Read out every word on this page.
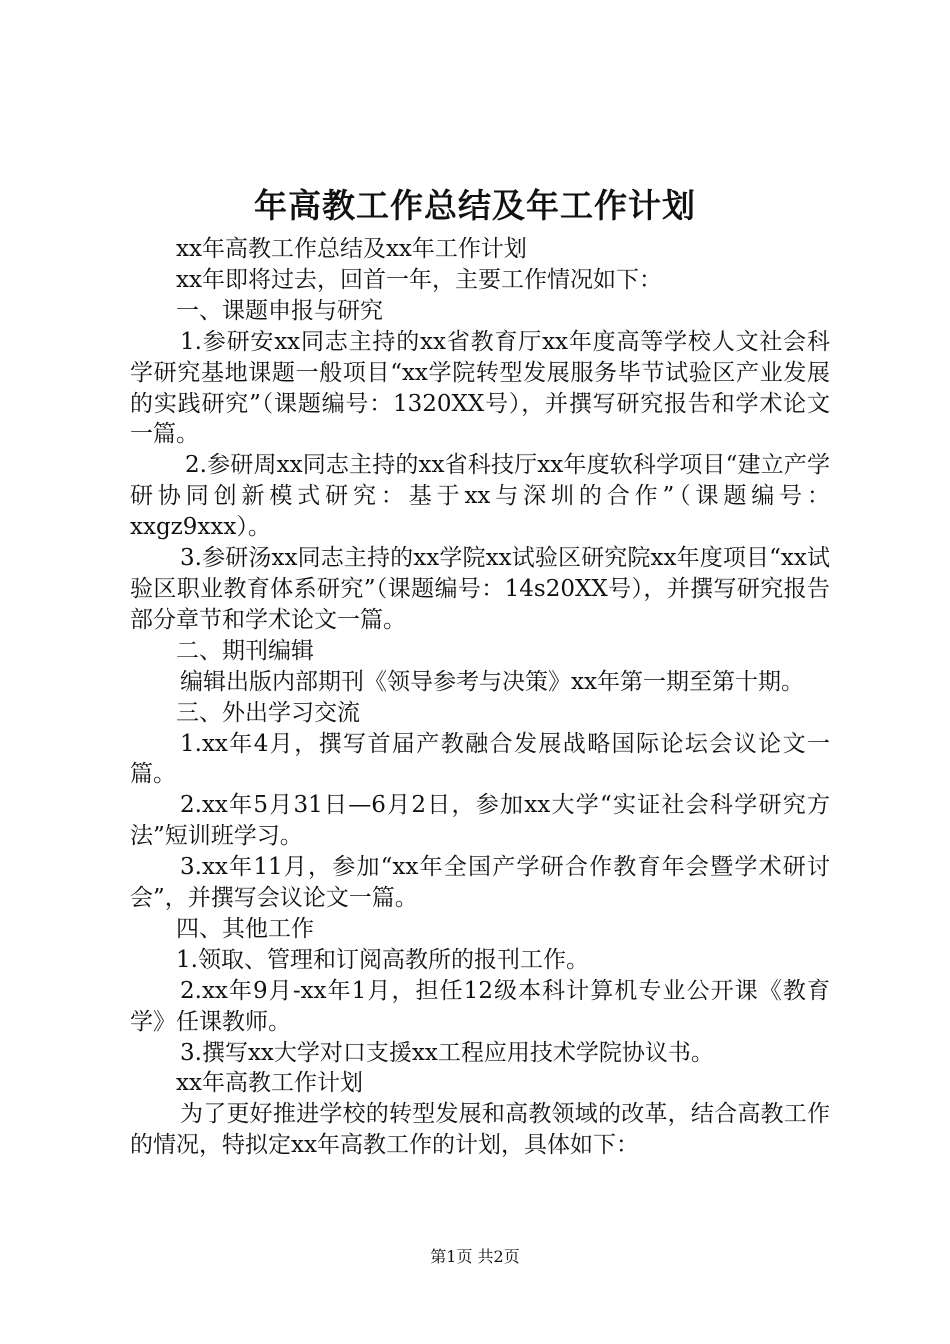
年高教工作总结及年工作计划

xx年高教工作总结及xx年工作计划

xx年即将过去，回首一年，主要工作情况如下：

一、课题申报与研究

1.参研安xx同志主持的xx省教育厅xx年度高等学校人文社会科学研究基地课题一般项目“xx学院转型发展服务毕节试验区产业发展的实践研究”（课题编号：1320XX号），并撰写研究报告和学术论文一篇。

2.参研周xx同志主持的xx省科技厅xx年度软科学项目“建立产学研协同创新模式研究：基于xx与深圳的合作”（课题编号：xxgz9xxx）。

3.参研汤xx同志主持的xx学院xx试验区研究院xx年度项目“xx试验区职业教育体系研究”（课题编号：14s20XX号），并撰写研究报告部分章节和学术论文一篇。

二、期刊编辑

编辑出版内部期刊《领导参考与决策》xx年第一期至第十期。

三、外出学习交流

1.xx年4月，撰写首届产教融合发展战略国际论坛会议论文一篇。

2.xx年5月31日—6月2日，参加xx大学“实证社会科学研究方法”短训班学习。

3.xx年11月，参加“xx年全国产学研合作教育年会暨学术研讨会”，并撰写会议论文一篇。

四、其他工作

1.领取、管理和订阅高教所的报刊工作。

2.xx年9月-xx年1月，担任12级本科计算机专业公开课《教育学》任课教师。

3.撰写xx大学对口支援xx工程应用技术学院协议书。

xx年高教工作计划

为了更好推进学校的转型发展和高教领域的改革，结合高教工作的情况，特拟定xx年高教工作的计划，具体如下：

第1页 共2页
